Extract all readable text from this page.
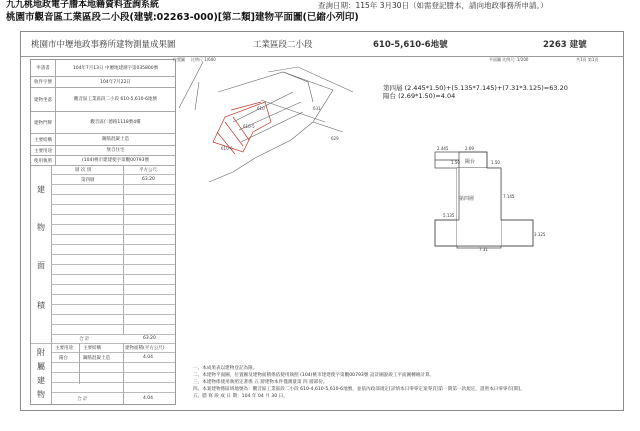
九九桃地政電子謄本地籍資料查詢系統
桃園市觀音區工業區段二小段(建號:02263-000)[第二類]建物平面圖(已縮小列印)
查詢日期：115年 3月30日（如需登記謄本，請向地政事務所申請。）
桃園市中壢地政事務所建物測量成果圖	工業區段二小段	610-5,610-6地號	2263 建號
申請書	104年7月13日 中壢地建測字第035800號
收件字號	104年7月22日
建物坐落	觀音區工業區段二小段 610-5,610-6地號
建物門牌	觀音區仁德路1118號4樓
主要結構	鋼筋混凝土造
主要用途	無自住宅
使用執照	(104)桃市建建使字第觀00793號
層 次 別	平方公尺
第四層	63.20
建
物
面
積
合 計	63.20
主要用途 主要結構	建物面積(平方公尺)
陽台	鋼筋混凝土造	4.04
附
屬
建
物
合 計	4.04
位置圖 比例尺 1/600
610
610-5
610-6
631
629
平面圖 比例尺: 1/200	共1頁 第1頁
第四層 (2.445*1.50)+(5.135*7.145)+(7.31*3.125)=63.20
陽台 (2.69*1.50)=4.04
2.445	2.69
陽台	1.50
1.50
第四層	7.145
5.135
7.31
3.125
一、本成果表以建物登記為限。
二、本建物平面圖，位置圖及建物面積係依使用執照 (104)桃市建建使字第觀00793號 設計圖說竣工平面圖轉繪計算。
三、本建物係使用執照定著係 五 層建物本件僅測量第 四 層部份。
四、本案建物係區域地號為：觀音區工業區段二小段 610-4,610-5,610-6地號，並依內政部規定[詳情本日零零定案零頁]第一期第一款規定，證照本日零零有[期]。
五、謄 寫 竣 成 日 期：104 年 04 月 30 日。
